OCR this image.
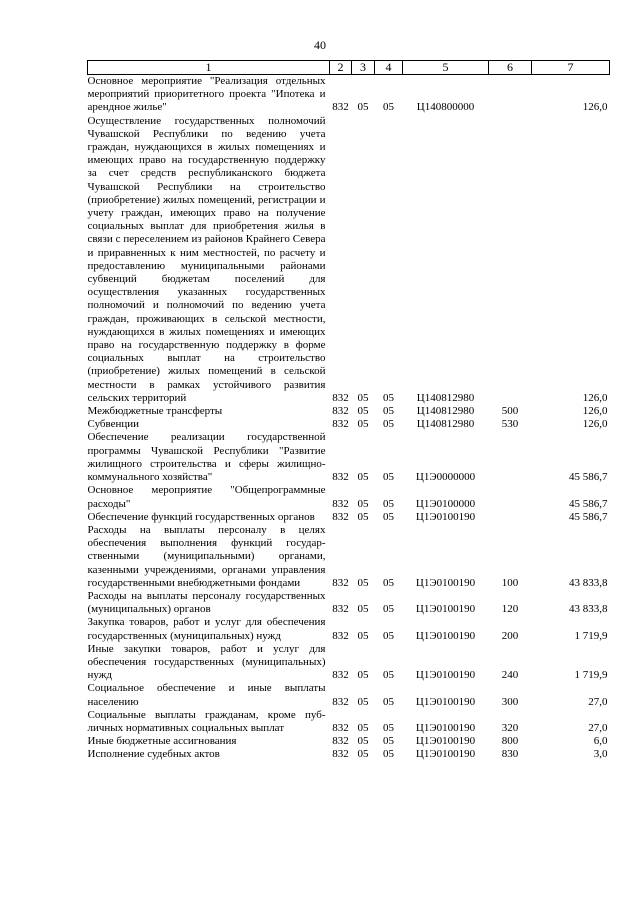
40
1	2	3	4	5	6	7
Основное мероприятие "Реализация отдельных мероприятий приоритетного проекта "Ипотека и арендное жилье"	832	05	05	Ц140800000		126,0
Осуществление государственных полномочий Чувашской Республики по ведению учета граждан, нуждающихся в жилых помещениях и имеющих право на государственную поддержку за счет средств республиканского бюджета Чувашской Республики на строительство (приобретение) жилых помещений, регистрации и учету граждан, имеющих право на получение социальных выплат для приобретения жилья в связи с переселением из районов Крайнего Севера и приравненных к ним местностей, по расчету и предоставлению муниципальными районами субвенций бюджетам поселений для осуществления указанных государственных полномочий и полномочий по ведению учета граждан, проживающих в сельской местности, нуждающихся в жилых помещениях и имеющих право на государственную поддержку в форме социальных выплат на строительство (приобретение) жилых помещений в сельской местности в рамках устойчивого развития сельских территорий	832	05	05	Ц140812980		126,0
Межбюджетные трансферты	832	05	05	Ц140812980	500	126,0
Субвенции	832	05	05	Ц140812980	530	126,0
Обеспечение реализации государственной программы Чувашской Республики "Развитие жилищного строительства и сферы жилищно-коммунального хозяйства"	832	05	05	Ц1Э0000000		45 586,7
Основное мероприятие "Общепрограммные расходы"	832	05	05	Ц1Э0100000		45 586,7
Обеспечение функций государственных органов	832	05	05	Ц1Э0100190		45 586,7
Расходы на выплаты персоналу в целях обеспечения выполнения функций государственными (муниципальными) органами, казенными учреждениями, органами управления государственными внебюджетными фондами	832	05	05	Ц1Э0100190	100	43 833,8
Расходы на выплаты персоналу государственных (муниципальных) органов	832	05	05	Ц1Э0100190	120	43 833,8
Закупка товаров, работ и услуг для обеспечения государственных (муниципальных) нужд	832	05	05	Ц1Э0100190	200	1 719,9
Иные закупки товаров, работ и услуг для обеспечения государственных (муниципальных) нужд	832	05	05	Ц1Э0100190	240	1 719,9
Социальное обеспечение и иные выплаты населению	832	05	05	Ц1Э0100190	300	27,0
Социальные выплаты гражданам, кроме публичных нормативных социальных выплат	832	05	05	Ц1Э0100190	320	27,0
Иные бюджетные ассигнования	832	05	05	Ц1Э0100190	800	6,0
Исполнение судебных актов	832	05	05	Ц1Э0100190	830	3,0
